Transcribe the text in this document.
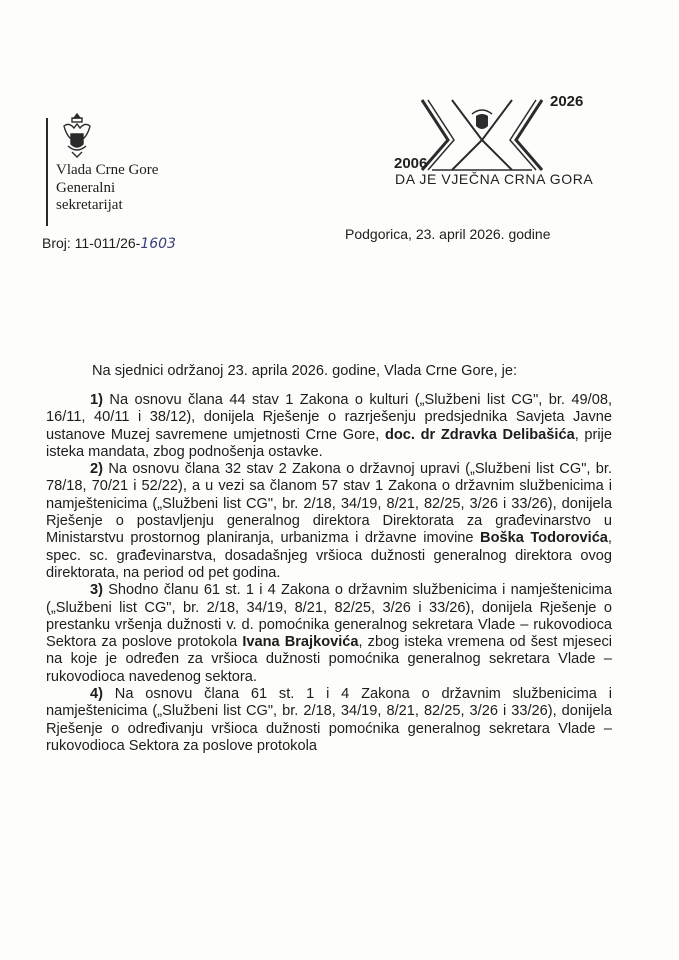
Vlada Crne Gore
Generalni
sekretarijat
2026
2006
DA JE VJEČNA CRNA GORA
Broj: 11-011/26-1603
Podgorica, 23. april 2026. godine
Na sjednici održanoj 23. aprila 2026. godine, Vlada Crne Gore, je:

1) Na osnovu člana 44 stav 1 Zakona o kulturi („Službeni list CG", br. 49/08, 16/11, 40/11 i 38/12), donijela Rješenje o razrješenju predsjednika Savjeta Javne ustanove Muzej savremene umjetnosti Crne Gore, doc. dr Zdravka Delibašića, prije isteka mandata, zbog podnošenja ostavke.

2) Na osnovu člana 32 stav 2 Zakona o državnoj upravi („Službeni list CG", br. 78/18, 70/21 i 52/22), a u vezi sa članom 57 stav 1 Zakona o državnim službenicima i namještenicima („Službeni list CG", br. 2/18, 34/19, 8/21, 82/25, 3/26 i 33/26), donijela Rješenje o postavljenju generalnog direktora Direktorata za građevinarstvo u Ministarstvu prostornog planiranja, urbanizma i državne imovine Boška Todorovića, spec. sc. građevinarstva, dosadašnjeg vršioca dužnosti generalnog direktora ovog direktorata, na period od pet godina.

3) Shodno članu 61 st. 1 i 4 Zakona o državnim službenicima i namještenicima („Službeni list CG", br. 2/18, 34/19, 8/21, 82/25, 3/26 i 33/26), donijela Rješenje o prestanku vršenja dužnosti v. d. pomoćnika generalnog sekretara Vlade – rukovodioca Sektora za poslove protokola Ivana Brajkovića, zbog isteka vremena od šest mjeseci na koje je određen za vršioca dužnosti pomoćnika generalnog sekretara Vlade – rukovodioca navedenog sektora.

4) Na osnovu člana 61 st. 1 i 4 Zakona o državnim službenicima i namještenicima („Službeni list CG", br. 2/18, 34/19, 8/21, 82/25, 3/26 i 33/26), donijela Rješenje o određivanju vršioca dužnosti pomoćnika generalnog sekretara Vlade – rukovodioca Sektora za poslove protokola
